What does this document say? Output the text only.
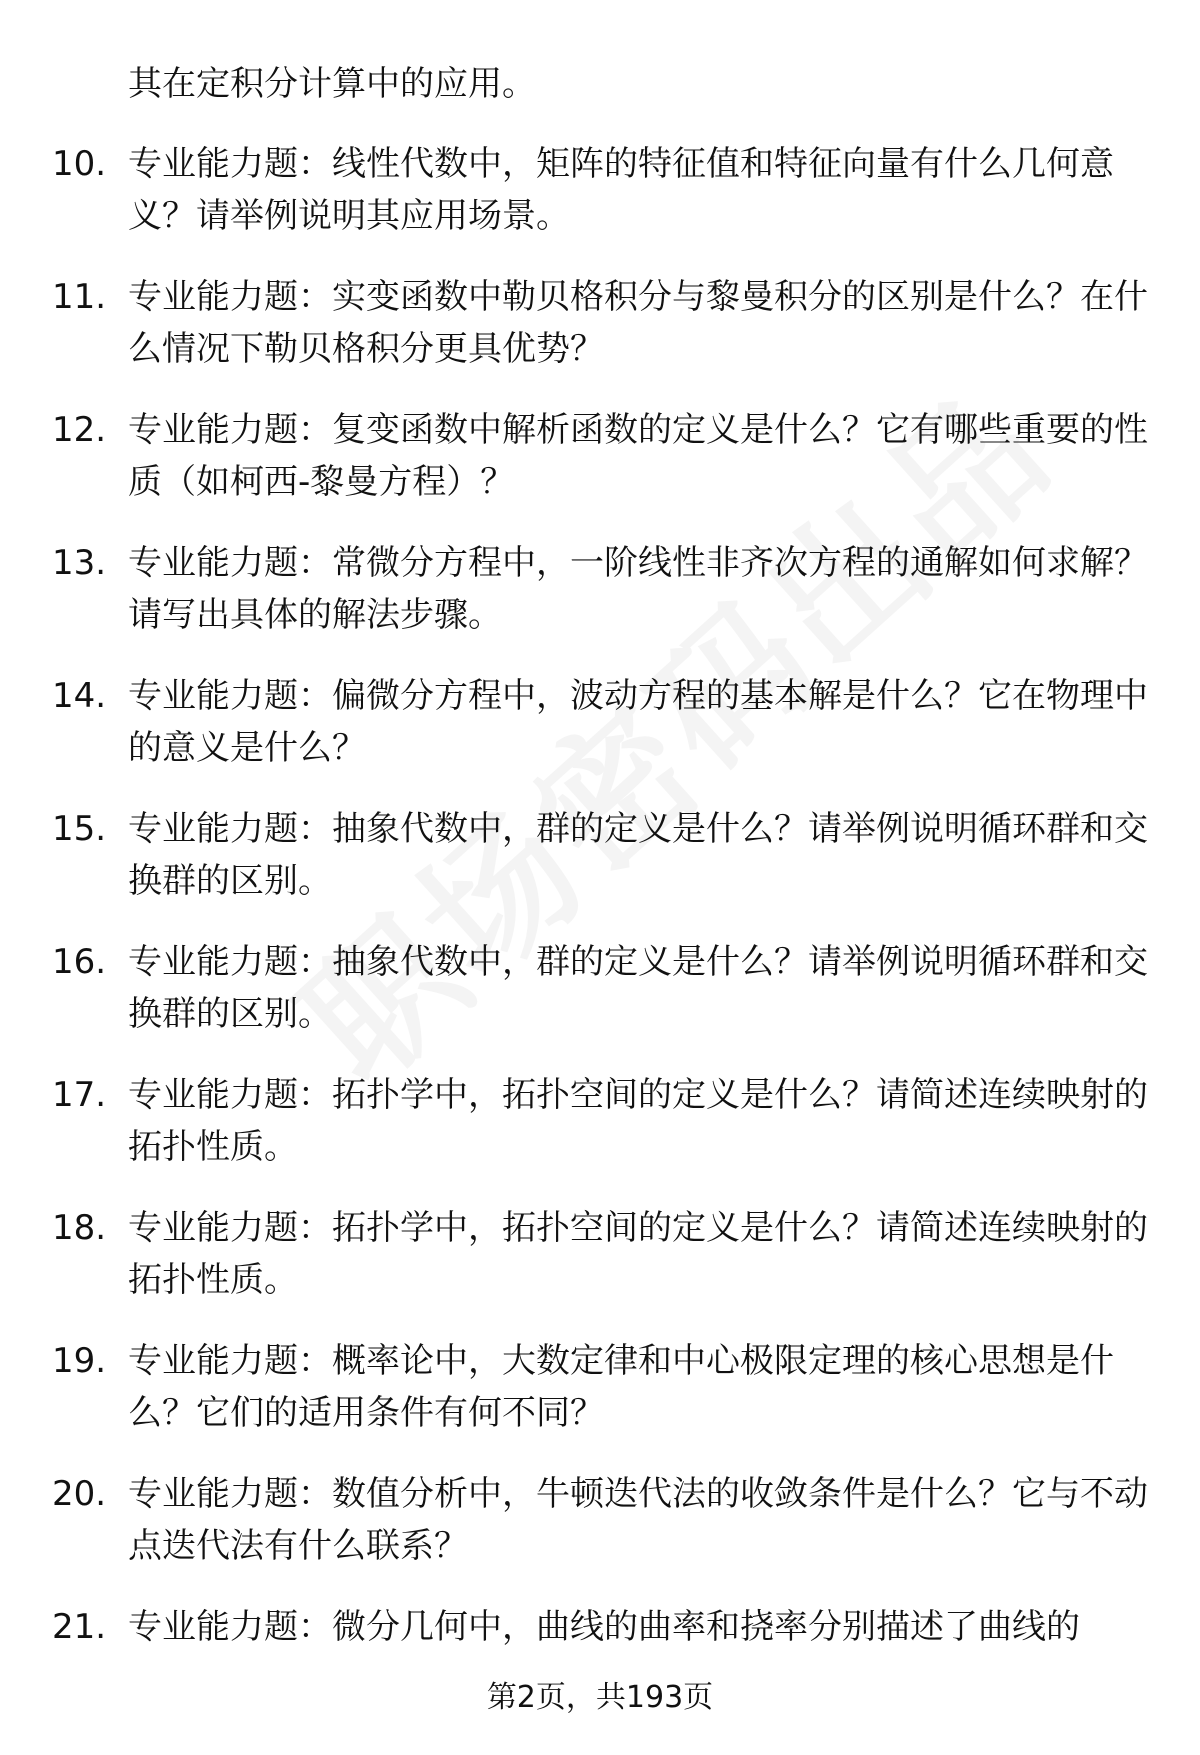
其在定积分计算中的应用。
10. 专业能力题：线性代数中，矩阵的特征值和特征向量有什么几何意义？请举例说明其应用场景。
11. 专业能力题：实变函数中勒贝格积分与黎曼积分的区别是什么？在什么情况下勒贝格积分更具优势？
12. 专业能力题：复变函数中解析函数的定义是什么？它有哪些重要的性质（如柯西-黎曼方程）？
13. 专业能力题：常微分方程中，一阶线性非齐次方程的通解如何求解？请写出具体的解法步骤。
14. 专业能力题：偏微分方程中，波动方程的基本解是什么？它在物理中的意义是什么？
15. 专业能力题：抽象代数中，群的定义是什么？请举例说明循环群和交换群的区别。
16. 专业能力题：抽象代数中，群的定义是什么？请举例说明循环群和交换群的区别。
17. 专业能力题：拓扑学中，拓扑空间的定义是什么？请简述连续映射的拓扑性质。
18. 专业能力题：拓扑学中，拓扑空间的定义是什么？请简述连续映射的拓扑性质。
19. 专业能力题：概率论中，大数定律和中心极限定理的核心思想是什么？它们的适用条件有何不同？
20. 专业能力题：数值分析中，牛顿迭代法的收敛条件是什么？它与不动点迭代法有什么联系？
21. 专业能力题：微分几何中，曲线的曲率和挠率分别描述了曲线的
第2页，共193页
